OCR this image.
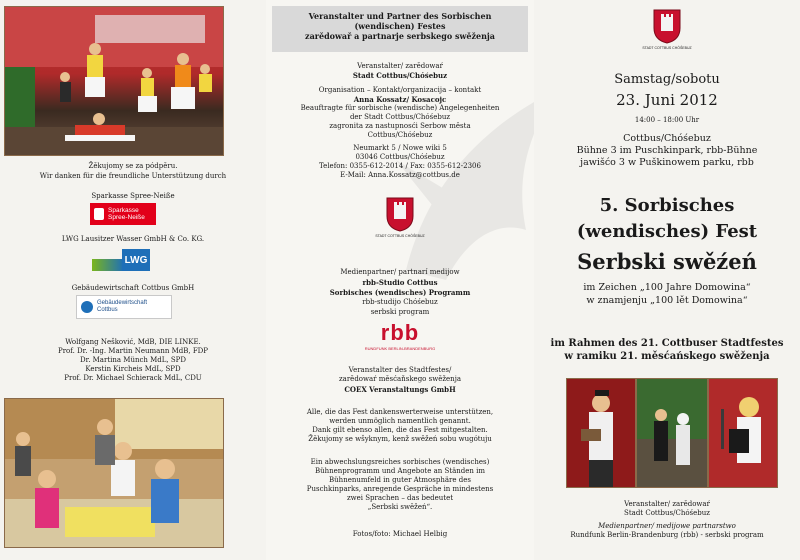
Žěkujomy se za pódpěru.
Wir danken für die freundliche Unterstützung durch
Sparkasse Spree-Neiße
Sparkasse
Spree-Neiße
LWG Lausitzer Wasser GmbH & Co. KG.
LWG
Gebäudewirtschaft Cottbus GmbH
Gebäudewirtschaft
Cottbus
Wolfgang Nešković, MdB, DIE LINKE.
Prof. Dr. -Ing. Martin Neumann MdB, FDP
Dr. Martina Münch MdL, SPD
Kerstin Kircheis MdL, SPD
Prof. Dr. Michael Schierack MdL, CDU
Veranstalter und Partner des Sorbischen
(wendischen) Festes
zarědowař a partnarje serbskego swěženja
Veranstalter/ zarědowaŕ
Stadt Cottbus/Chóśebuz
Organisation – Kontakt/organizacija – kontakt
Anna Kossatz/ Kosacojc
Beauftragte für sorbische (wendische) Angelegenheiten
der Stadt Cottbus/Chóśebuz
zagronita za nastupnosći Serbow města
Cottbus/Chóśebuz
Neumarkt 5 / Nowe wiki 5
03046 Cottbus/Chóśebuz
Telefon: 0355-612-2014 / Fax: 0355-612-2306
E-Mail: Anna.Kossatz@cottbus.de
STADT COTTBUS CHÓŚEBUZ
Medienpartner/ partnarí medijow
rbb-Studio Cottbus
Sorbisches (wendisches) Programm
rbb-studijo Chóśebuz
serbski program
rbb
RUNDFUNK BERLIN-BRANDENBURG
Veranstalter des Stadtfestes/
zarědowaŕ měsćaňskego swěženja
COEX Veranstaltungs GmbH
Alle, die das Fest dankenswerterweise unterstützen,
werden unmöglich namentlich genannt.
Dank gilt ebenso allen, die das Fest mitgestalten.
Žěkujomy se wšyknym, kenž swěžeń sobu wugótuju
Ein abwechslungsreiches sorbisches (wendisches)
Bühnenprogramm und Angebote an Ständen im
Bühnenumfeld in guter Atmosphäre des
Puschkinparks, anregende Gespräche in mindestens
zwei Sprachen – das bedeutet
„Serbski swěžeń“.
Fotos/foto: Michael Helbig
STADT COTTBUS CHÓŚEBUZ
Samstag/sobotu
23. Juni 2012
14:00 – 18:00 Uhr
Cottbus/Chóśebuz
Bühne 3 im Puschkinpark, rbb-Bühne
jawišćo 3 w Puškinowem parku, rbb
5. Sorbisches
(wendisches) Fest
Serbski swěźeń
im Zeichen „100 Jahre Domowina“
w znamjenju „100 lět Domowina“
im Rahmen des 21. Cottbuser Stadtfestes
w ramiku 21. měsćańskego swěženja
Veranstalter/ zarědowaŕ
Stadt Cottbus/Chóśebuz
Medienpartner/ medijowe partnarstwo
Rundfunk Berlin-Brandenburg (rbb) - serbski program
